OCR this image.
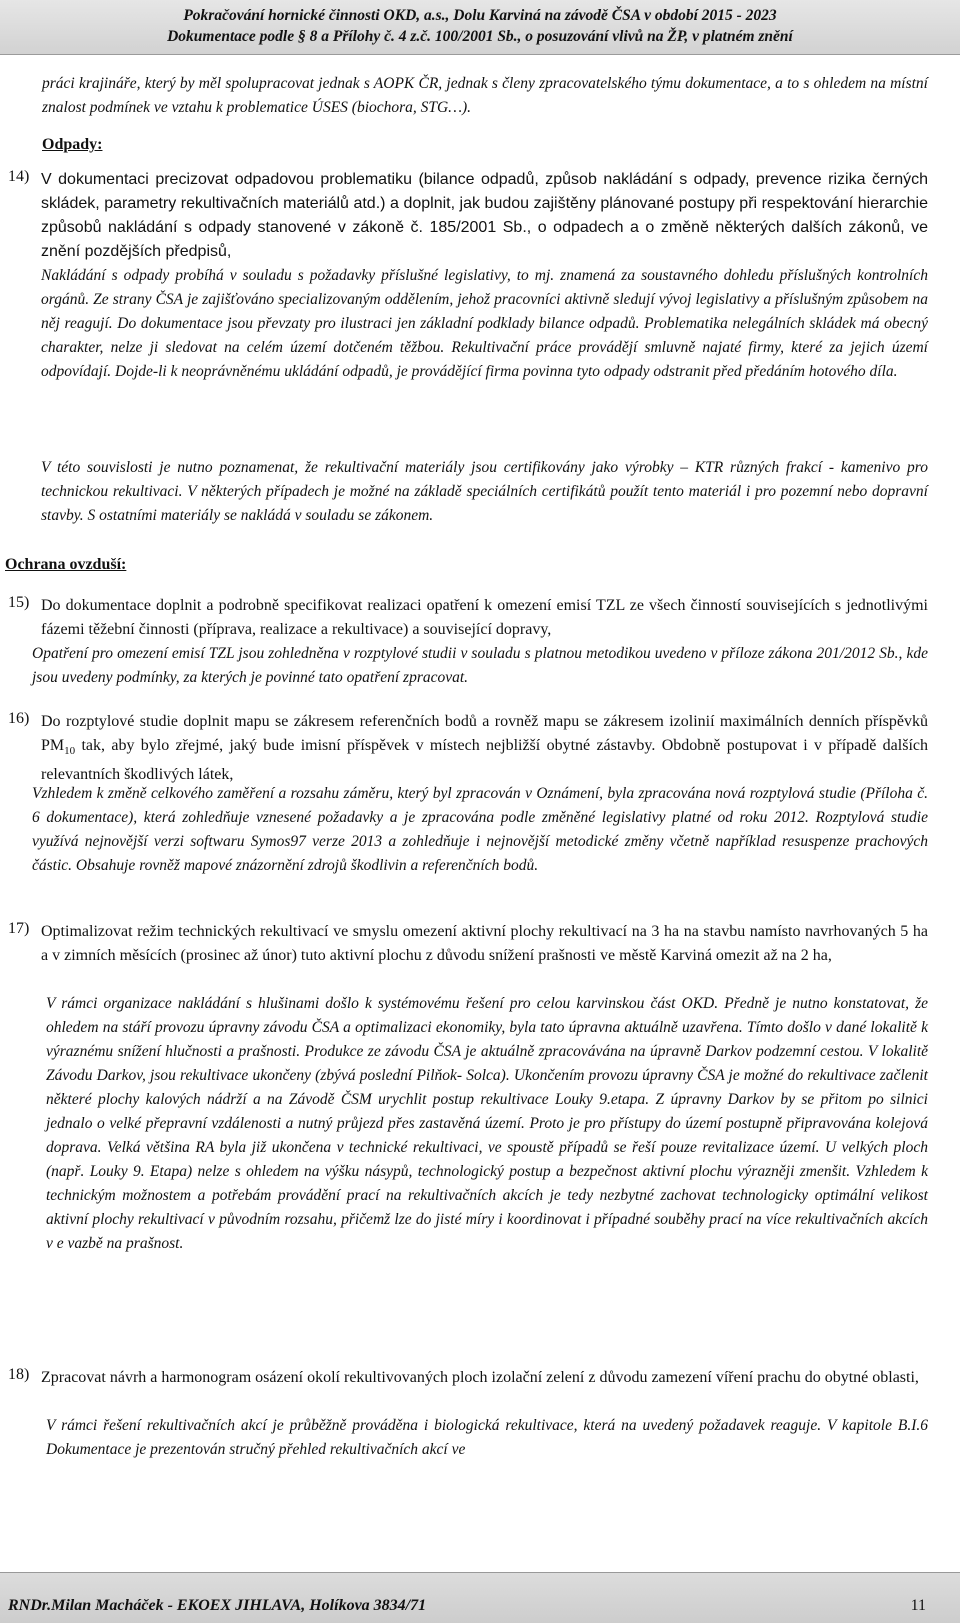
Pokračování hornické činnosti OKD, a.s., Dolu Karviná na závodě ČSA v období 2015 - 2023
Dokumentace podle § 8 a Přílohy č. 4 z.č. 100/2001 Sb., o posuzování vlivů na ŽP, v platném znění

práci krajináře, který by měl spolupracovat jednak s AOPK ČR, jednak s členy zpracovatelského týmu dokumentace, a to s ohledem na místní znalost podmínek ve vztahu k problematice ÚSES (biochora, STG…).

Odpady:
14) V dokumentaci precizovat odpadovou problematiku (bilance odpadů, způsob nakládání s odpady, prevence rizika černých skládek, parametry rekultivačních materiálů atd.) a doplnit, jak budou zajištěny plánované postupy při respektování hierarchie způsobů nakládání s odpady stanovené v zákoně č. 185/2001 Sb., o odpadech a o změně některých dalších zákonů, ve znění pozdějších předpisů,

Nakládání s odpady probíhá v souladu s požadavky příslušné legislativy, to mj. znamená za soustavného dohledu příslušných kontrolních orgánů. Ze strany ČSA je zajišťováno specializovaným oddělením, jehož pracovníci aktivně sledují vývoj legislativy a příslušným způsobem na něj reagují. Do dokumentace jsou převzaty pro ilustraci jen základní podklady bilance odpadů. Problematika nelegálních skládek má obecný charakter, nelze ji sledovat na celém území dotčeném těžbou. Rekultivační práce provádějí smluvně najaté firmy, které za jejich území odpovídají. Dojde-li k neoprávněnému ukládání odpadů, je provádějící firma povinna tyto odpady odstranit před předáním hotového díla.

V této souvislosti je nutno poznamenat, že rekultivační materiály jsou certifikovány jako výrobky – KTR různých frakcí - kamenivo pro technickou rekultivaci. V některých případech je možné na základě speciálních certifikátů použít tento materiál i pro pozemní nebo dopravní stavby. S ostatními materiály se nakládá v souladu se zákonem.

Ochrana ovzduší:
15) Do dokumentace doplnit a podrobně specifikovat realizaci opatření k omezení emisí TZL ze všech činností souvisejících s jednotlivými fázemi těžební činnosti (příprava, realizace a rekultivace) a související dopravy,

Opatření pro omezení emisí TZL jsou zohledněna v rozptylové studii v souladu s platnou metodikou uvedeno v příloze zákona 201/2012 Sb., kde jsou uvedeny podmínky, za kterých je povinné tato opatření zpracovat.

16) Do rozptylové studie doplnit mapu se zákresem referenčních bodů a rovněž mapu se zákresem izolinií maximálních denních příspěvků $PM_{10}$ tak, aby bylo zřejmé, jaký bude imisní příspěvek v místech nejbližší obytné zástavby. Obdobně postupovat i v případě dalších relevantních škodlivých látek,

Vzhledem k změně celkového zaměření a rozsahu záměru, který byl zpracován v Oznámení, byla zpracována nová rozptylová studie (Příloha č. 6 dokumentace), která zohledňuje vznesené požadavky a je zpracována podle změněné legislativy platné od roku 2012. Rozptylová studie využívá nejnovější verzi softwaru Symos97 verze 2013 a zohledňuje i nejnovější metodické změny včetně například resuspenze prachových částic. Obsahuje rovněž mapové znázornění zdrojů škodlivin a referenčních bodů.

17) Optimalizovat režim technických rekultivací ve smyslu omezení aktivní plochy rekultivací na 3 ha na stavbu namísto navrhovaných 5 ha a v zimních měsících (prosinec až únor) tuto aktivní plochu z důvodu snížení prašnosti ve městě Karviná omezit až na 2 ha,

V rámci organizace nakládání s hlušinami došlo k systémovému řešení pro celou karvinskou část OKD. Předně je nutno konstatovat, že ohledem na stáří provozu úpravny závodu ČSA a optimalizaci ekonomiky, byla tato úpravna aktuálně uzavřena. Tímto došlo v dané lokalitě k výraznému snížení hlučnosti a prašnosti. Produkce ze závodu ČSA je aktuálně zpracovávána na úpravně Darkov podzemní cestou. V lokalitě Závodu Darkov, jsou rekultivace ukončeny (zbývá poslední Pilňok- Solca). Ukončením provozu úpravny ČSA je možné do rekultivace začlenit některé plochy kalových nádrží a na Závodě ČSM urychlit postup rekultivace Louky 9.etapa. Z úpravny Darkov by se přitom po silnici jednalo o velké přepravní vzdálenosti a nutný průjezd přes zastavěná území. Proto je pro přístupy do území postupně připravována kolejová doprava. Velká většina RA byla již ukončena v technické rekultivaci, ve spoustě případů se řeší pouze revitalizace území. U velkých ploch (např. Louky 9. Etapa) nelze s ohledem na výšku násypů, technologický postup a bezpečnost aktivní plochu výrazněji zmenšit. Vzhledem k technickým možnostem a potřebám provádění prací na rekultivačních akcích je tedy nezbytné zachovat technologicky optimální velikost aktivní plochy rekultivací v původním rozsahu, přičemž lze do jisté míry i koordinovat i případné souběhy prací na více rekultivačních akcích v e vazbě na prašnost.

18) Zpracovat návrh a harmonogram osázení okolí rekultivovaných ploch izolační zelení z důvodu zamezení víření prachu do obytné oblasti,

V rámci řešení rekultivačních akcí je průběžně prováděna i biologická rekultivace, která na uvedený požadavek reaguje. V kapitole B.I.6 Dokumentace je prezentován stručný přehled rekultivačních akcí ve

RNDr.Milan Macháček - EKOEX JIHLAVA, Holíkova 3834/71	11
